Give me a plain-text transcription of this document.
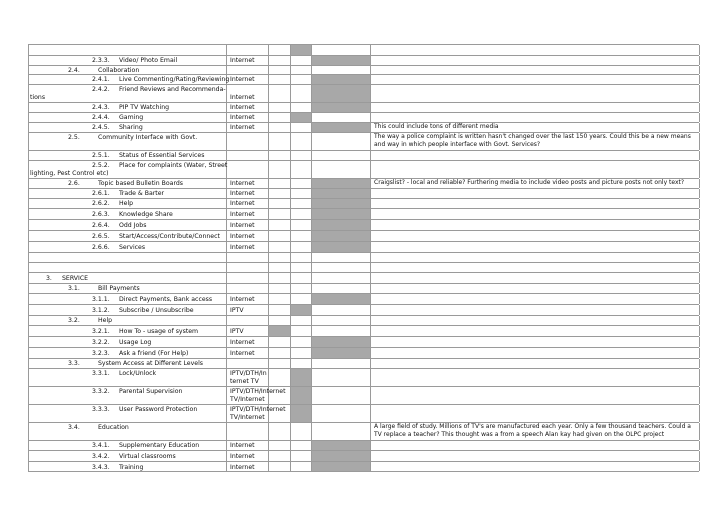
2.3.3. Video/ Photo Email	Internet
2.4.	Collaboration
2.4.1. Live Commenting/Rating/Reviewing Internet
2.4.2. Friend Reviews and Recommenda-
tions	Internet
2.4.3. PIP TV Watching	Internet
2.4.4. Gaming	Internet
2.4.5. Sharing	Internet	This could include tons of different media
2.5.	Community Interface with Govt.	The way a police complaint is written hasn't changed over the last 150 years. Could this be a new means and way in which people interface with Govt. Services?
2.5.1. Status of Essential Services
2.5.2. Place for complaints (Water, Street
lighting, Pest Control etc)
2.6.	Topic based Bulletin Boards	Internet	Craigslist? - local and reliable? Furthering media to include video posts and picture posts not only text?
2.6.1. Trade & Barter	Internet
2.6.2. Help	Internet
2.6.3. Knowledge Share	Internet
2.6.4. Odd Jobs	Internet
2.6.5. Start/Access/Contribute/Connect Internet
2.6.6. Services	Internet
3. SERVICE
3.1.	Bill Payments
3.1.1. Direct Payments, Bank access	Internet
3.1.2. Subscribe / Unsubscribe	IPTV
3.2.	Help
3.2.1. How To - usage of system	IPTV
3.2.2. Usage Log	Internet
3.2.3. Ask a friend (For Help)	Internet
3.3.	System Access at Different Levels
3.3.1. Lock/Unlock	IPTV/DTH/In
ternet TV
3.3.2. Parental Supervision	IPTV/DTH/Internet
TV/Internet
3.3.3. User Password Protection	IPTV/DTH/Internet
TV/Internet
3.4.	Education	A large field of study. Millions of TV's are manufactured each year. Only a few thousand teachers. Could a TV replace a teacher? This thought was a from a speech Alan kay had given on the OLPC project
3.4.1. Supplementary Education	Internet
3.4.2. Virtual classrooms	Internet
3.4.3. Training	Internet
